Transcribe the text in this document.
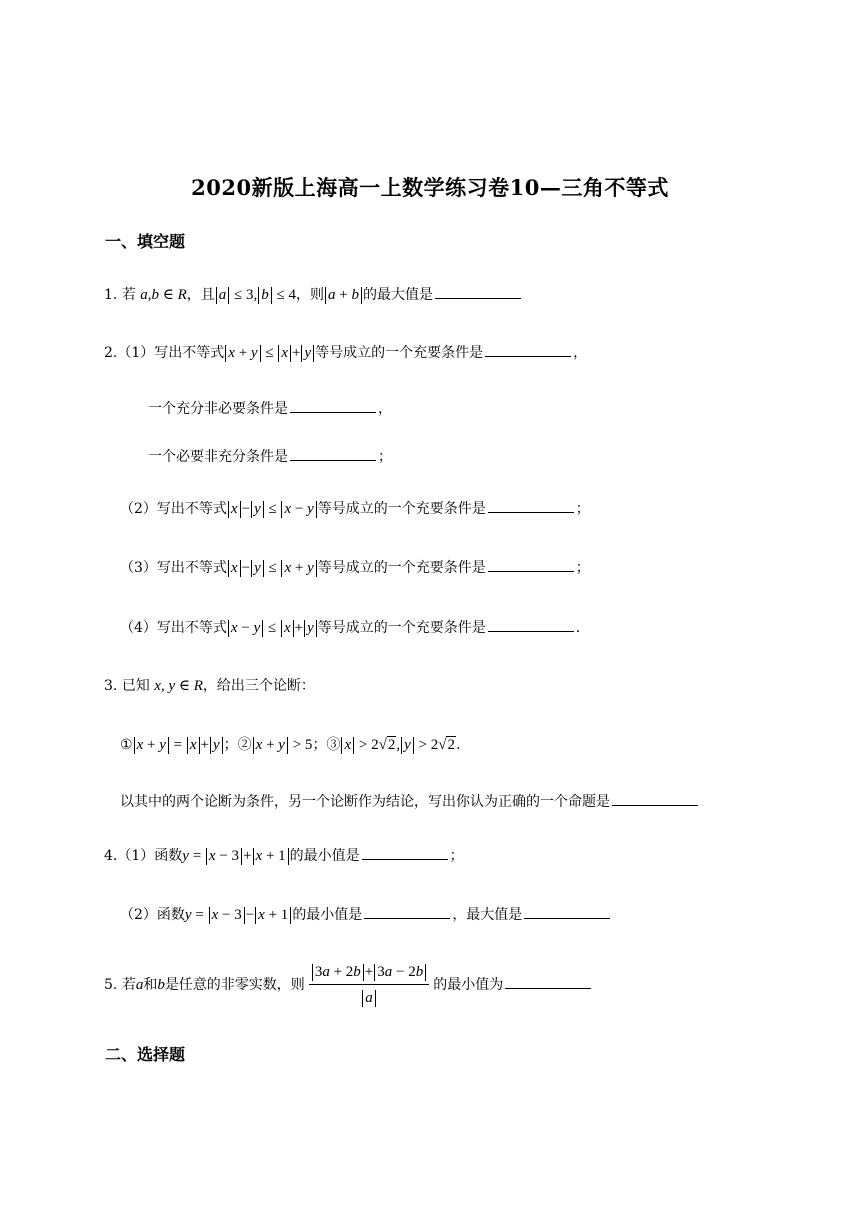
2020新版上海高一上数学练习卷10—三角不等式
一、填空题
1. 若 a,b ∈ R，且 a ≤ 3, b ≤ 4，则 a + b 的最大值是
2.（1）写出不等式 x + y ≤ x + y 等号成立的一个充要条件是	，
一个充分非必要条件是	，
一个必要非充分条件是	；
（2）写出不等式 x − y ≤ x − y 等号成立的一个充要条件是	；
（3）写出不等式 x − y ≤ x + y 等号成立的一个充要条件是	；
（4）写出不等式 x − y ≤ x + y 等号成立的一个充要条件是	.
3. 已知 x, y ∈ R，给出三个论断：
① x + y = x + y ；② x + y > 5；③ x > 2√2, y > 2√2.
以其中的两个论断为条件，另一个论断作为结论，写出你认为正确的一个命题是
4.（1）函数y = x − 3 + x + 1 的最小值是	；
（2）函数y = x − 3 − x + 1 的最小值是	，最大值是
5. 若a和b是任意的非零实数，则 $\frac{3a + 2b + 3a - 2b}{a}$ 的最小值为
二、选择题
